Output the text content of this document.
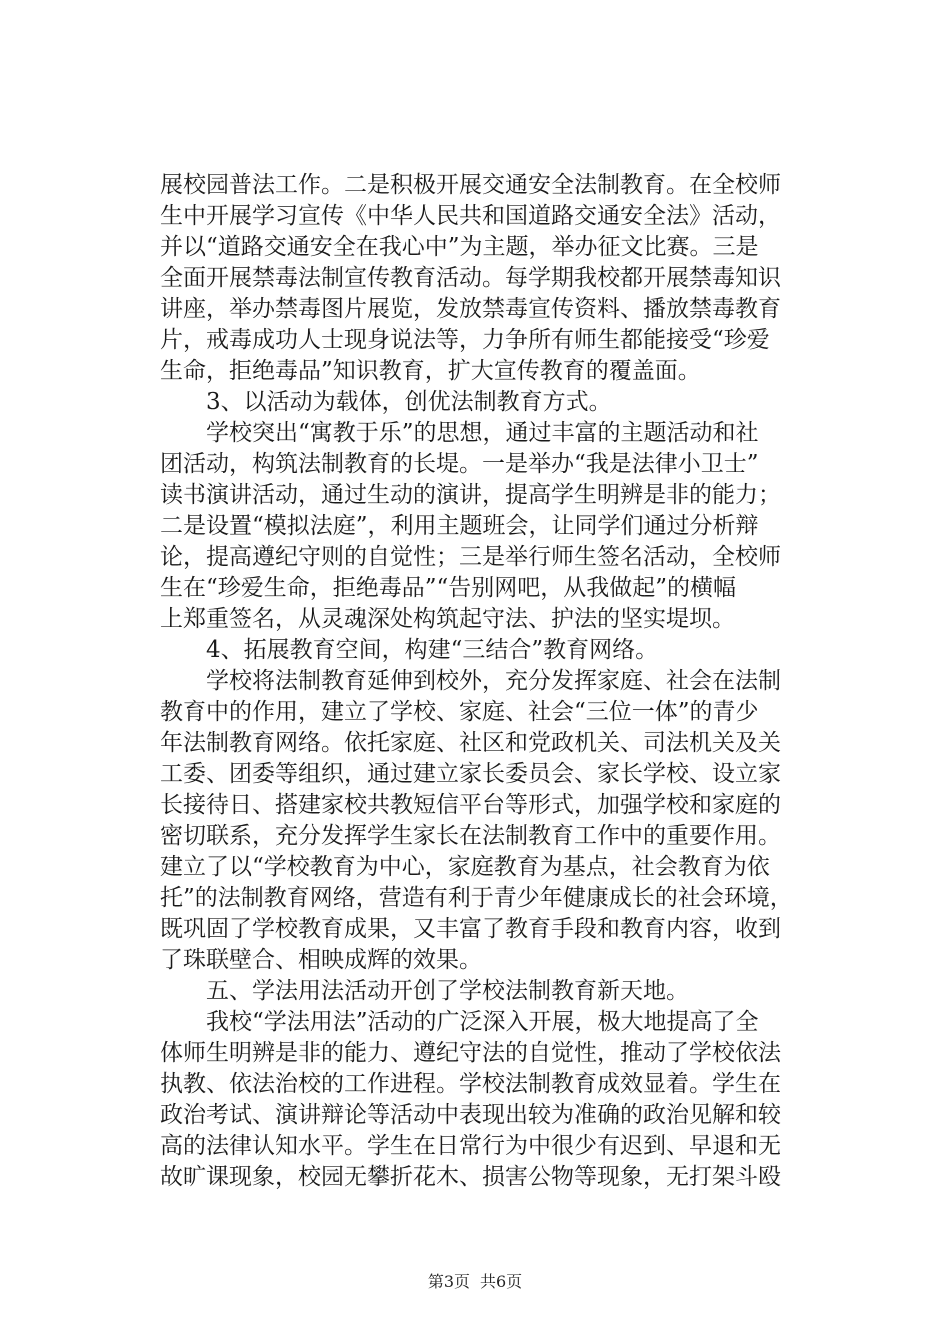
展校园普法工作。二是积极开展交通安全法制教育。在全校师
生中开展学习宣传《中华人民共和国道路交通安全法》活动，
并以“道路交通安全在我心中”为主题，举办征文比赛。三是
全面开展禁毒法制宣传教育活动。每学期我校都开展禁毒知识
讲座，举办禁毒图片展览，发放禁毒宣传资料、播放禁毒教育
片，戒毒成功人士现身说法等，力争所有师生都能接受“珍爱
生命，拒绝毒品”知识教育，扩大宣传教育的覆盖面。
　　3、以活动为载体，创优法制教育方式。
　　学校突出“寓教于乐”的思想，通过丰富的主题活动和社
团活动，构筑法制教育的长堤。一是举办“我是法律小卫士”
读书演讲活动，通过生动的演讲，提高学生明辨是非的能力；
二是设置“模拟法庭”，利用主题班会，让同学们通过分析辩
论，提高遵纪守则的自觉性；三是举行师生签名活动，全校师
生在“珍爱生命，拒绝毒品”“告别网吧，从我做起”的横幅
上郑重签名，从灵魂深处构筑起守法、护法的坚实堤坝。
　　4、拓展教育空间，构建“三结合”教育网络。
　　学校将法制教育延伸到校外，充分发挥家庭、社会在法制
教育中的作用，建立了学校、家庭、社会“三位一体”的青少
年法制教育网络。依托家庭、社区和党政机关、司法机关及关
工委、团委等组织，通过建立家长委员会、家长学校、设立家
长接待日、搭建家校共教短信平台等形式，加强学校和家庭的
密切联系，充分发挥学生家长在法制教育工作中的重要作用。
建立了以“学校教育为中心，家庭教育为基点，社会教育为依
托”的法制教育网络，营造有利于青少年健康成长的社会环境，
既巩固了学校教育成果，又丰富了教育手段和教育内容，收到
了珠联壁合、相映成辉的效果。
　　五、学法用法活动开创了学校法制教育新天地。
　　我校“学法用法”活动的广泛深入开展，极大地提高了全
体师生明辨是非的能力、遵纪守法的自觉性，推动了学校依法
执教、依法治校的工作进程。学校法制教育成效显着。学生在
政治考试、演讲辩论等活动中表现出较为准确的政治见解和较
高的法律认知水平。学生在日常行为中很少有迟到、早退和无
故旷课现象，校园无攀折花木、损害公物等现象，无打架斗殴
第3页 共6页
